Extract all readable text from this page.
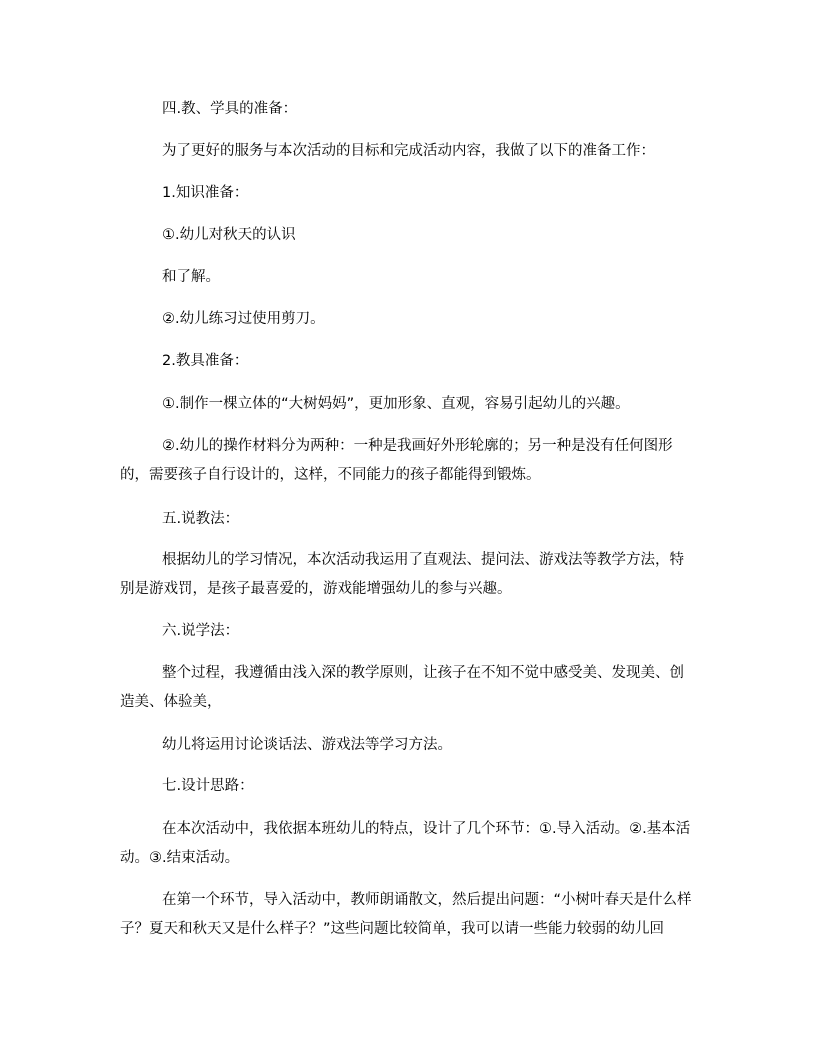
四.教、学具的准备：

为了更好的服务与本次活动的目标和完成活动内容，我做了以下的准备工作：

1.知识准备：

①.幼儿对秋天的认识

和了解。

②.幼儿练习过使用剪刀。

2.教具准备：

①.制作一棵立体的“大树妈妈”，更加形象、直观，容易引起幼儿的兴趣。

②.幼儿的操作材料分为两种：一种是我画好外形轮廓的；另一种是没有任何图形的，需要孩子自行设计的，这样，不同能力的孩子都能得到锻炼。

五.说教法：

根据幼儿的学习情况，本次活动我运用了直观法、提问法、游戏法等教学方法，特别是游戏罚，是孩子最喜爱的，游戏能增强幼儿的参与兴趣。

六.说学法：

整个过程，我遵循由浅入深的教学原则，让孩子在不知不觉中感受美、发现美、创造美、体验美，

幼儿将运用讨论谈话法、游戏法等学习方法。

七.设计思路：

在本次活动中，我依据本班幼儿的特点，设计了几个环节：①.导入活动。②.基本活动。③.结束活动。

在第一个环节，导入活动中，教师朗诵散文，然后提出问题：“小树叶春天是什么样子？夏天和秋天又是什么样子？”这些问题比较简单，我可以请一些能力较弱的幼儿回
